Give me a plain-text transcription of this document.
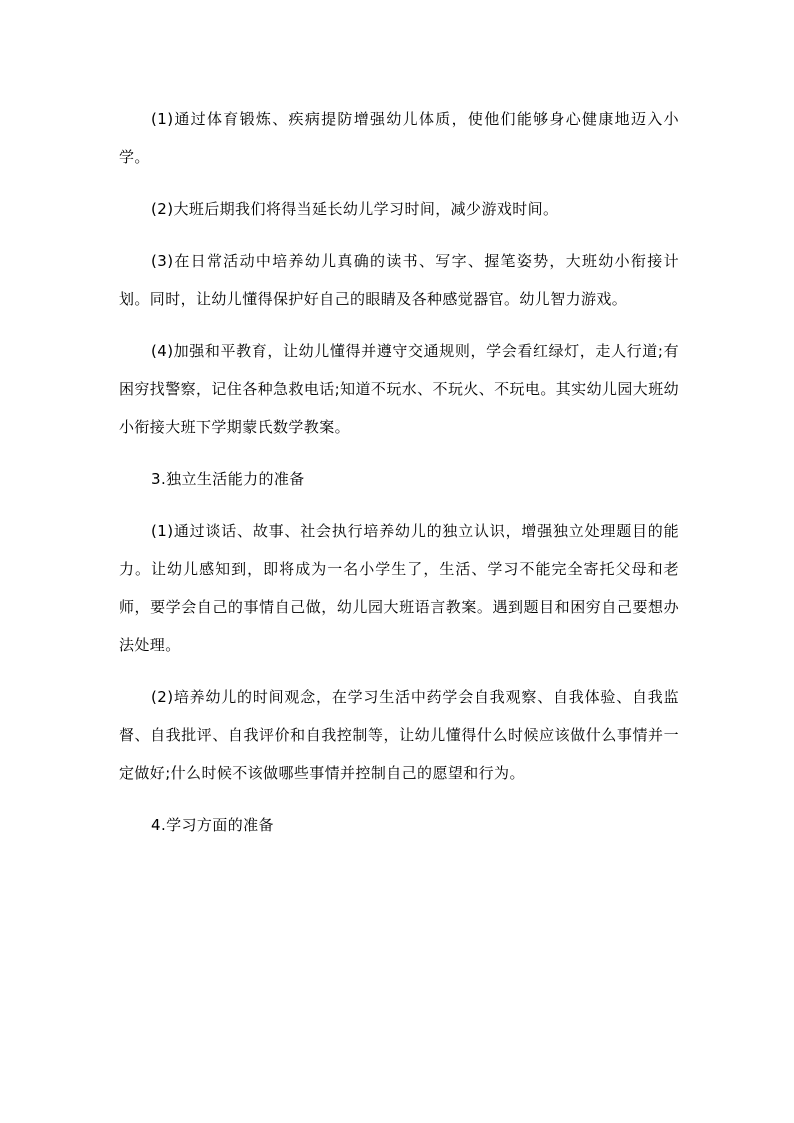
(1)通过体育锻炼、疾病提防增强幼儿体质，使他们能够身心健康地迈入小学。

(2)大班后期我们将得当延长幼儿学习时间，减少游戏时间。

(3)在日常活动中培养幼儿真确的读书、写字、握笔姿势，大班幼小衔接计划。同时，让幼儿懂得保护好自己的眼睛及各种感觉器官。幼儿智力游戏。

(4)加强和平教育，让幼儿懂得并遵守交通规则，学会看红绿灯，走人行道;有困穷找警察，记住各种急救电话;知道不玩水、不玩火、不玩电。其实幼儿园大班幼小衔接大班下学期蒙氏数学教案。

3.独立生活能力的准备

(1)通过谈话、故事、社会执行培养幼儿的独立认识，增强独立处理题目的能力。让幼儿感知到，即将成为一名小学生了，生活、学习不能完全寄托父母和老师，要学会自己的事情自己做，幼儿园大班语言教案。遇到题目和困穷自己要想办法处理。

(2)培养幼儿的时间观念，在学习生活中药学会自我观察、自我体验、自我监督、自我批评、自我评价和自我控制等，让幼儿懂得什么时候应该做什么事情并一定做好;什么时候不该做哪些事情并控制自己的愿望和行为。

4.学习方面的准备
